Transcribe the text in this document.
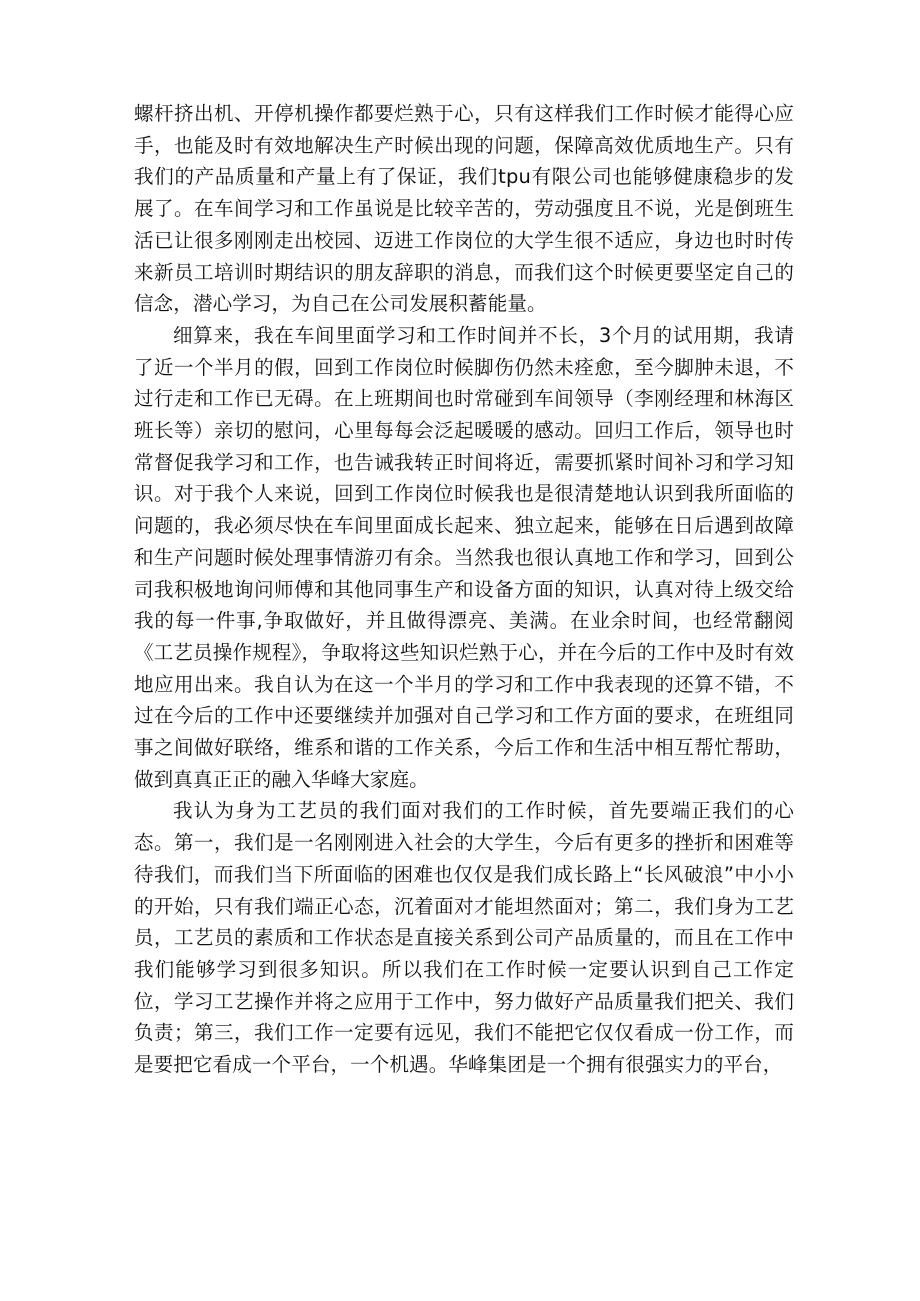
螺杆挤出机、开停机操作都要烂熟于心，只有这样我们工作时候才能得心应手，也能及时有效地解决生产时候出现的问题，保障高效优质地生产。只有我们的产品质量和产量上有了保证，我们tpu有限公司也能够健康稳步的发展了。在车间学习和工作虽说是比较辛苦的，劳动强度且不说，光是倒班生活已让很多刚刚走出校园、迈进工作岗位的大学生很不适应，身边也时时传来新员工培训时期结识的朋友辞职的消息，而我们这个时候更要坚定自己的信念，潜心学习，为自己在公司发展积蓄能量。

细算来，我在车间里面学习和工作时间并不长，3个月的试用期，我请了近一个半月的假，回到工作岗位时候脚伤仍然未痊愈，至今脚肿未退，不过行走和工作已无碍。在上班期间也时常碰到车间领导（李刚经理和林海区班长等）亲切的慰问，心里每每会泛起暖暖的感动。回归工作后，领导也时常督促我学习和工作，也告诫我转正时间将近，需要抓紧时间补习和学习知识。对于我个人来说，回到工作岗位时候我也是很清楚地认识到我所面临的问题的，我必须尽快在车间里面成长起来、独立起来，能够在日后遇到故障和生产问题时候处理事情游刃有余。当然我也很认真地工作和学习，回到公司我积极地询问师傅和其他同事生产和设备方面的知识，认真对待上级交给我的每一件事,争取做好，并且做得漂亮、美满。在业余时间，也经常翻阅《工艺员操作规程》，争取将这些知识烂熟于心，并在今后的工作中及时有效地应用出来。我自认为在这一个半月的学习和工作中我表现的还算不错，不过在今后的工作中还要继续并加强对自己学习和工作方面的要求，在班组同事之间做好联络，维系和谐的工作关系，今后工作和生活中相互帮忙帮助，做到真真正正的融入华峰大家庭。

我认为身为工艺员的我们面对我们的工作时候，首先要端正我们的心态。第一，我们是一名刚刚进入社会的大学生，今后有更多的挫折和困难等待我们，而我们当下所面临的困难也仅仅是我们成长路上“长风破浪”中小小的开始，只有我们端正心态，沉着面对才能坦然面对；第二，我们身为工艺员，工艺员的素质和工作状态是直接关系到公司产品质量的，而且在工作中我们能够学习到很多知识。所以我们在工作时候一定要认识到自己工作定位，学习工艺操作并将之应用于工作中，努力做好产品质量我们把关、我们负责；第三，我们工作一定要有远见，我们不能把它仅仅看成一份工作，而是要把它看成一个平台，一个机遇。华峰集团是一个拥有很强实力的平台，
